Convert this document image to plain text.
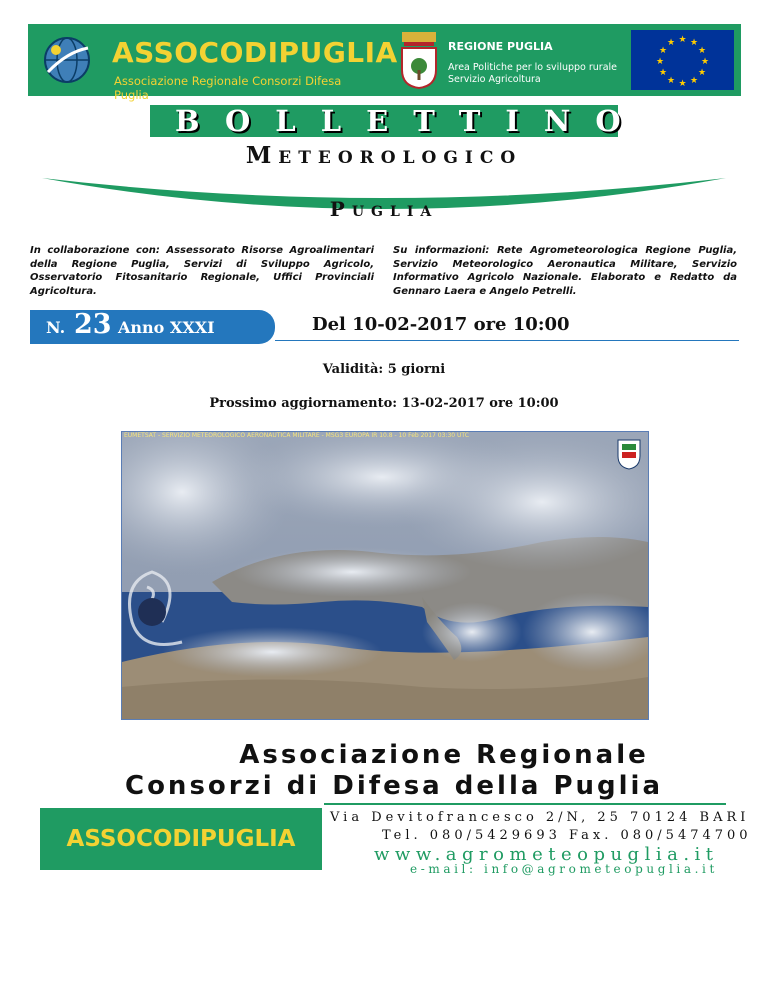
ASSOCODIPUGLIA
Associazione Regionale Consorzi Difesa Puglia
REGIONE PUGLIA
Area Politiche per lo sviluppo rurale
Servizio Agricoltura
★ ★
★
★
★
★
★
★
★
★
★
★
BOLLETTINO
METEOROLOGICO
PUGLIA
In collaborazione con: Assessorato Risorse Agroalimentari della Regione Puglia, Servizi di Sviluppo Agricolo, Osservatorio Fitosanitario Regionale, Uffici Provinciali Agricoltura.
Su informazioni: Rete Agrometeorologica Regione Puglia, Servizio Meteorologico Aeronautica Militare, Servizio Informativo Agricolo Nazionale. Elaborato e Redatto da Gennaro Laera e Angelo Petrelli.
N. 23 Anno XXXI	Del 10-02-2017 ore 10:00
Validità: 5 giorni
Prossimo aggiornamento: 13-02-2017 ore 10:00
EUMETSAT - SERVIZIO METEOROLOGICO AERONAUTICA MILITARE - MSG3 EUROPA IR 10.8 - 10 Feb 2017 03:30 UTC
Associazione Regionale
Consorzi di Difesa della Puglia
ASSOCODIPUGLIA
Via Devitofrancesco 2/N, 25 70124 BARI
Tel. 080/5429693 Fax. 080/5474700
www.agrometeopuglia.it
e-mail: info@agrometeopuglia.it
